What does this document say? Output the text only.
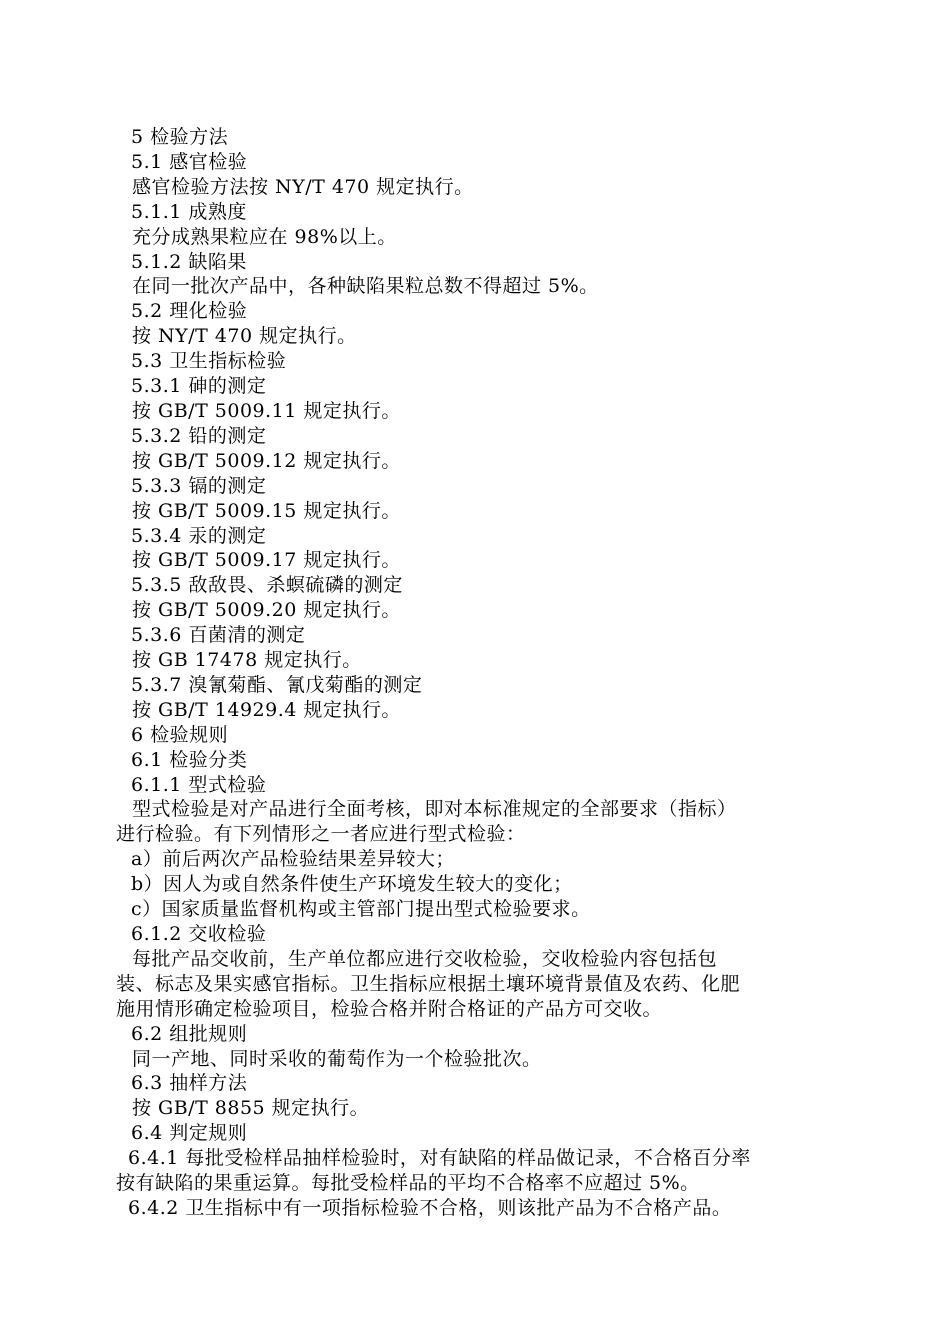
5 检验方法
5.1 感官检验
感官检验方法按 NY/T 470 规定执行。
5.1.1 成熟度
充分成熟果粒应在 98%以上。
5.1.2 缺陷果
在同一批次产品中，各种缺陷果粒总数不得超过 5%。
5.2 理化检验
按 NY/T 470 规定执行。
5.3 卫生指标检验
5.3.1 砷的测定
按 GB/T 5009.11 规定执行。
5.3.2 铅的测定
按 GB/T 5009.12 规定执行。
5.3.3 镉的测定
按 GB/T 5009.15 规定执行。
5.3.4 汞的测定
按 GB/T 5009.17 规定执行。
5.3.5 敌敌畏、杀螟硫磷的测定
按 GB/T 5009.20 规定执行。
5.3.6 百菌清的测定
按 GB 17478 规定执行。
5.3.7 溴氰菊酯、氰戊菊酯的测定
按 GB/T 14929.4 规定执行。
6 检验规则
6.1 检验分类
6.1.1 型式检验
型式检验是对产品进行全面考核，即对本标准规定的全部要求（指标）
进行检验。有下列情形之一者应进行型式检验：
a）前后两次产品检验结果差异较大；
b）因人为或自然条件使生产环境发生较大的变化；
c）国家质量监督机构或主管部门提出型式检验要求。
6.1.2 交收检验
每批产品交收前，生产单位都应进行交收检验，交收检验内容包括包
装、标志及果实感官指标。卫生指标应根据土壤环境背景值及农药、化肥
施用情形确定检验项目，检验合格并附合格证的产品方可交收。
6.2 组批规则
同一产地、同时采收的葡萄作为一个检验批次。
6.3 抽样方法
按 GB/T 8855 规定执行。
6.4 判定规则
6.4.1 每批受检样品抽样检验时，对有缺陷的样品做记录，不合格百分率
按有缺陷的果重运算。每批受检样品的平均不合格率不应超过 5%。
6.4.2 卫生指标中有一项指标检验不合格，则该批产品为不合格产品。
